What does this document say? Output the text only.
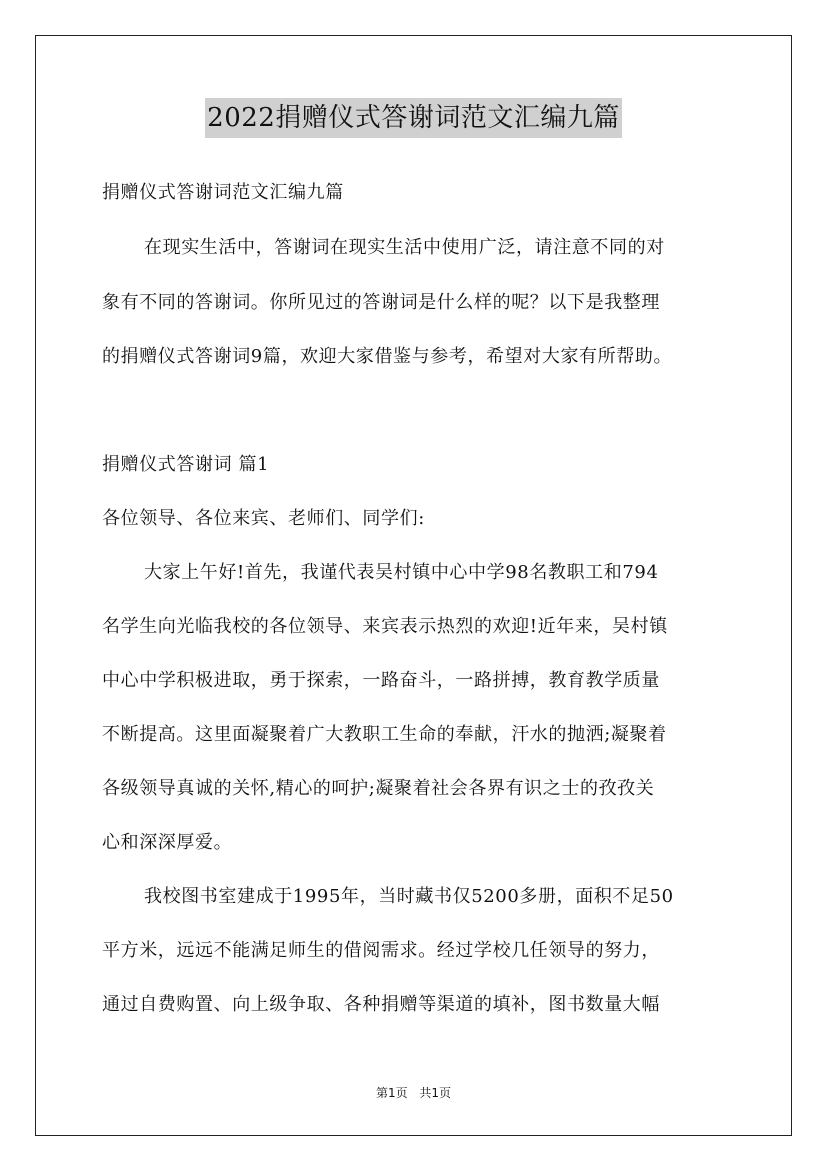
2022捐赠仪式答谢词范文汇编九篇
捐赠仪式答谢词范文汇编九篇
在现实生活中，答谢词在现实生活中使用广泛，请注意不同的对
象有不同的答谢词。你所见过的答谢词是什么样的呢？以下是我整理
的捐赠仪式答谢词9篇，欢迎大家借鉴与参考，希望对大家有所帮助。
捐赠仪式答谢词 篇1
各位领导、各位来宾、老师们、同学们:
大家上午好!首先，我谨代表吴村镇中心中学98名教职工和794
名学生向光临我校的各位领导、来宾表示热烈的欢迎!近年来，吴村镇
中心中学积极进取，勇于探索，一路奋斗，一路拼搏，教育教学质量
不断提高。这里面凝聚着广大教职工生命的奉献，汗水的抛洒;凝聚着
各级领导真诚的关怀,精心的呵护;凝聚着社会各界有识之士的孜孜关
心和深深厚爱。
我校图书室建成于1995年，当时藏书仅5200多册，面积不足50
平方米，远远不能满足师生的借阅需求。经过学校几任领导的努力，
通过自费购置、向上级争取、各种捐赠等渠道的填补，图书数量大幅
第1页 共1页
